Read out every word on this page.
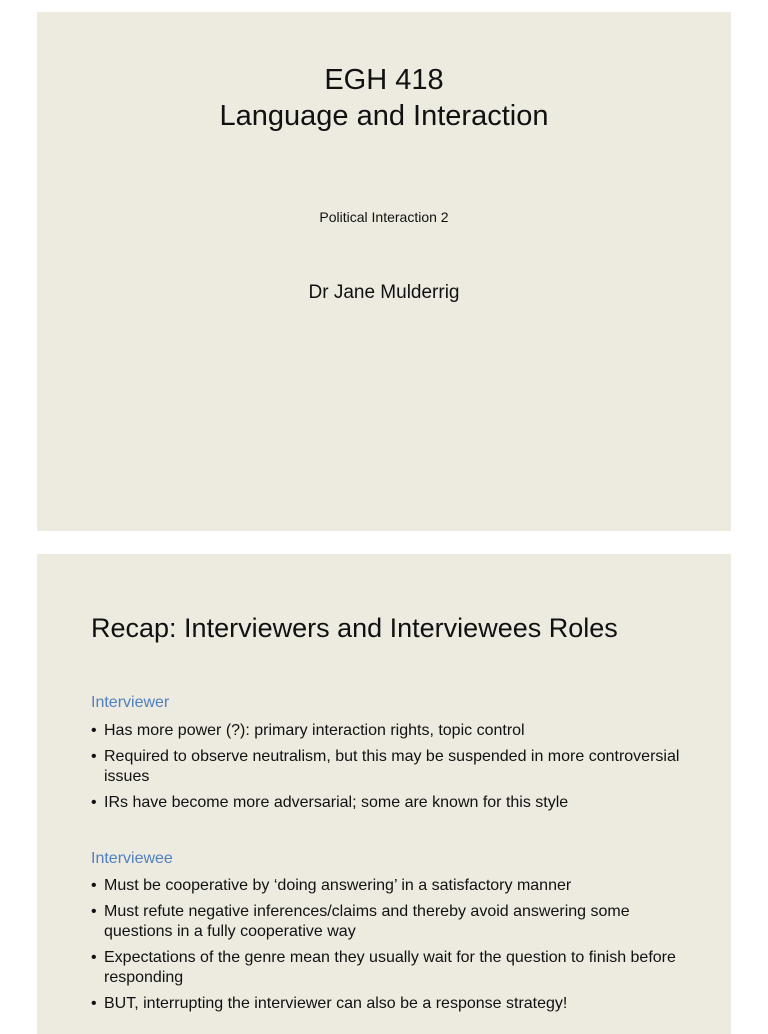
EGH 418
Language and Interaction
Political Interaction 2
Dr Jane Mulderrig
Recap: Interviewers and Interviewees Roles
Interviewer
• Has more power (?): primary interaction rights, topic control
• Required to observe neutralism, but this may be suspended in more controversial issues
• IRs have become more adversarial; some are known for this style
Interviewee
• Must be cooperative by ‘doing answering’ in a satisfactory manner
• Must refute negative inferences/claims and thereby avoid answering some questions in a fully cooperative way
• Expectations of the genre mean they usually wait for the question to finish before responding
• BUT, interrupting the interviewer can also be a response strategy!
